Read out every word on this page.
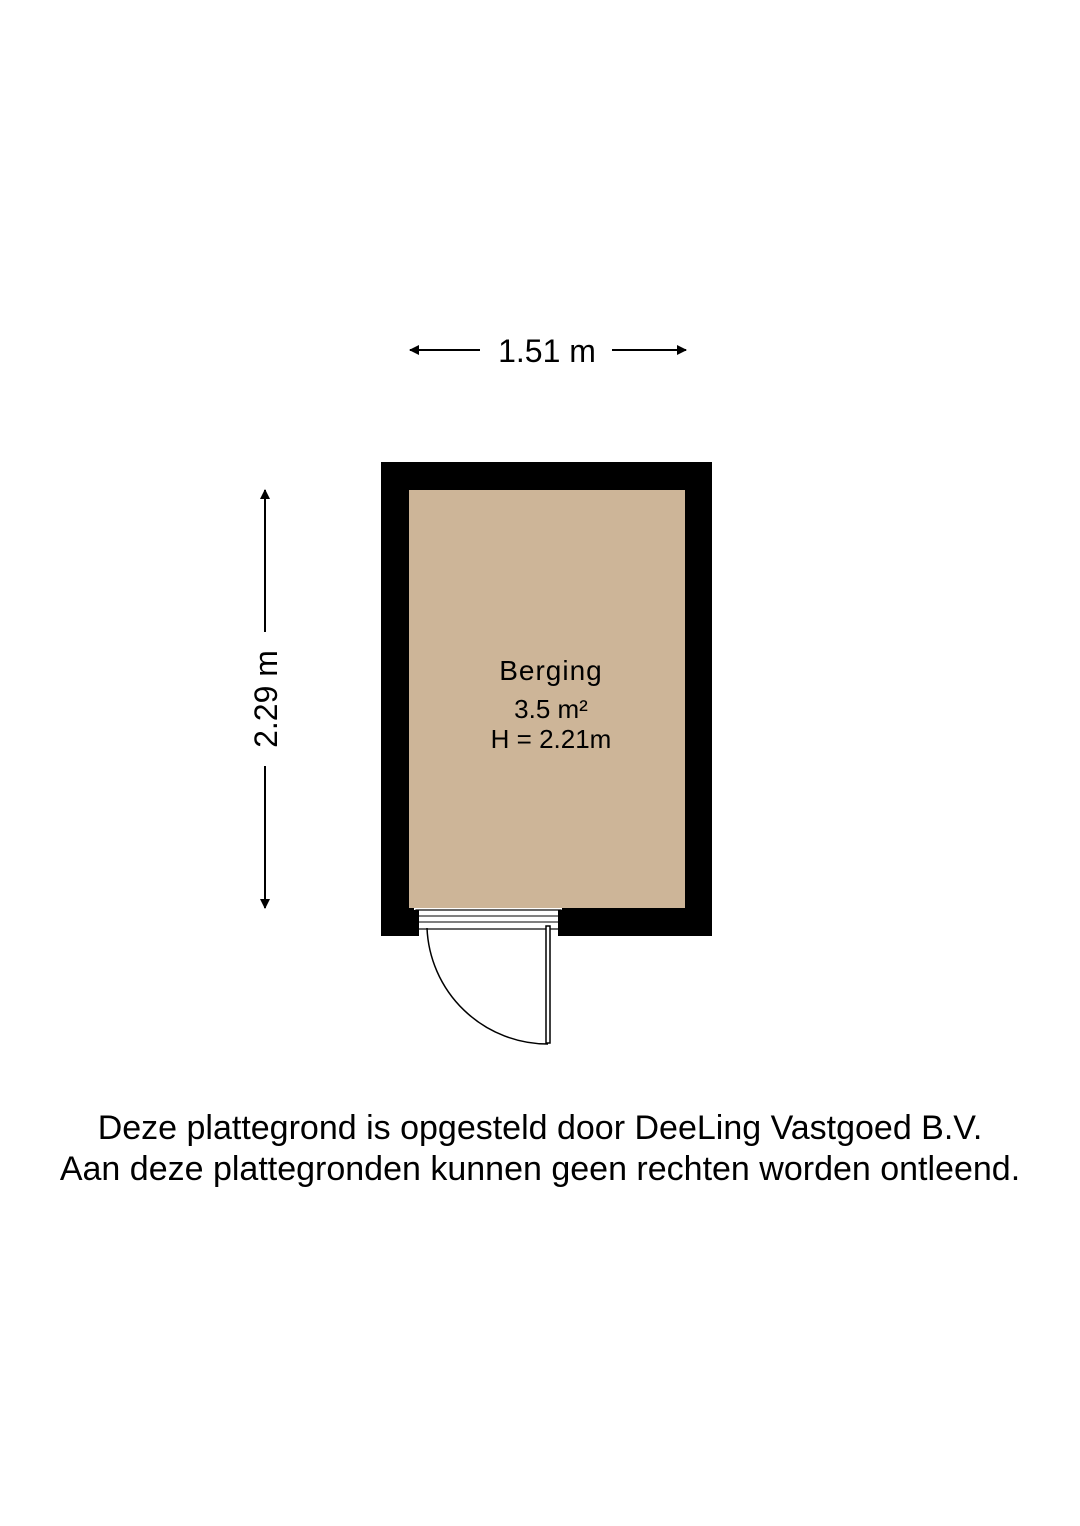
1.51 m
2.29 m	Berging
3.5 m²
H = 2.21m
Deze plattegrond is opgesteld door DeeLing Vastgoed B.V.
Aan deze plattegronden kunnen geen rechten worden ontleend.
